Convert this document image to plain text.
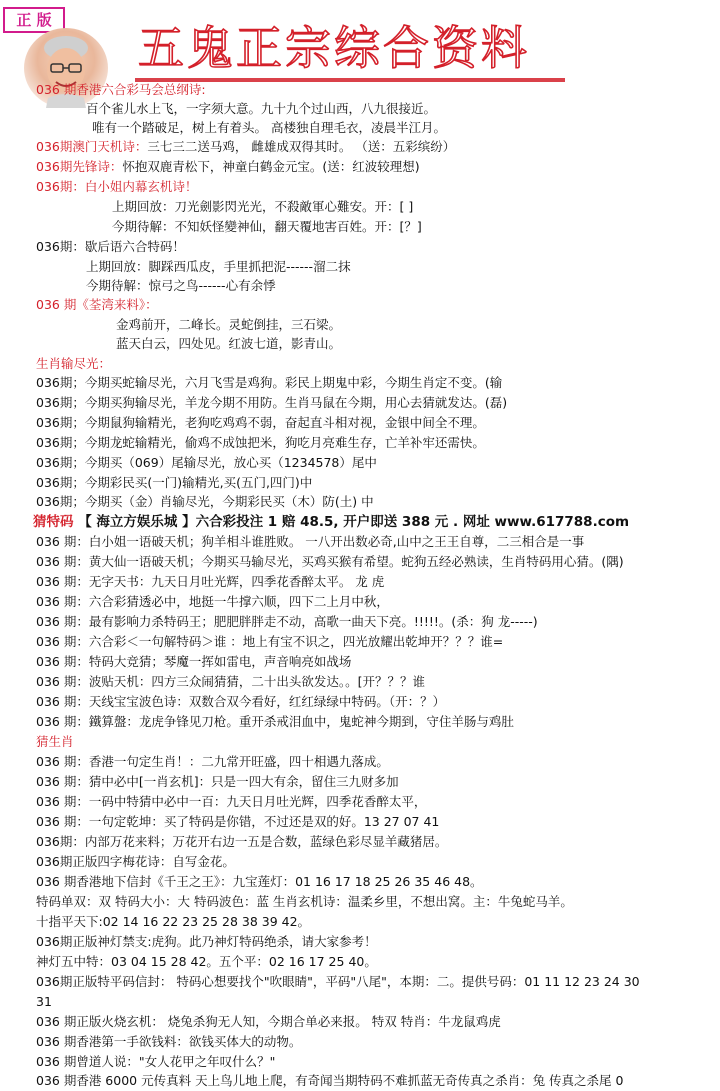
正 版
五鬼正宗综合资料
036 期香港六合彩马会总纲诗:
百个雀儿水上飞，一字须大意。九十九个过山西，八九很接近。
唯有一个踏破足，树上有着头。 高楼独自理毛衣，凌晨半江月。
036期澳门天机诗：三七三二送马鸡， 雌雄成双得其时。 （送：五彩缤纷）
036期先锋诗：怀抱双鹿青松下，神童白鹤金元宝。(送：红波较理想)
036期：白小姐内幕玄机诗！
上期回放：刀光劍影閃光光，不殺敵軍心難安。开：[ ]
今期待解：不知妖怪變神仙，翻天覆地害百姓。开：[？]
036期：歇后语六合特码！
上期回放：脚踩西瓜皮，手里抓把泥------溜二抹
今期待解：惊弓之鸟------心有余悸
036 期《荃湾来料》：
金鸡前开，二峰长。灵蛇倒挂，三石梁。
蓝天白云，四处见。红波七道，影青山。
生肖输尽光：
036期；今期买蛇输尽光，六月飞雪是鸡狗。彩民上期鬼中彩，今期生肖定不变。(输
036期；今期买狗输尽光，羊龙今期不用防。生肖马鼠在今期，用心去猜就发达。(磊)
036期；今期鼠狗输精光，老狗吃鸡鸡不弱，奋起直斗相对视，金银中间全不理。
036期；今期龙蛇输精光，偷鸡不成蚀把米，狗吃月亮难生存，亡羊补牢还需快。
036期；今期买（069）尾输尽光，放心买（1234578）尾中
036期；今期彩民买(一门)输精光,买(五门,四门)中
036期；今期买（金）肖输尽光，今期彩民买（木）防(土) 中
猜特码 【 海立方娱乐城 】六合彩投注 1 赔 48.5, 开户即送 388 元 . 网址 www.617788.com
036 期：白小姐一语破天机；狗羊相斗谁胜败。 一八开出数必奇,山中之王王自尊，二三相合是一事
036 期：黄大仙一语破天机；今期买马输尽光，买鸡买猴有希望。蛇狗五经必熟读，生肖特码用心猜。(隅)
036 期：无字天书：九天日月吐光辉，四季花香醉太平。 龙 虎
036 期：六合彩猜透必中，地挺一牛撑六顺，四下二上月中秋，
036 期：最有影响力杀特码王；肥肥胖胖走不动，高歌一曲天下亮。!!!!!。(杀：狗 龙-----)
036 期：六合彩＜一句解特码＞谁 ：地上有宝不识之，四光放耀出乾坤开？？？谁=
036 期：特码大竞猜；琴魔一挥如雷电，声音响亮如战场
036 期：波贴天机：四方三众闹猜猜，二十出头欲发达。。[开？？？谁
036 期：天线宝宝波色诗：双数合双今看好，红红绿绿中特码。（开：？）
036 期：鐵算盤：龙虎争锋见刀枪。重开杀戒泪血中，鬼蛇神今期到，守住羊肠与鸡肚
猜生肖
036 期：香港一句定生肖！：二九常开旺盛，四十相遇九落成。
036 期：猜中必中[一肖玄机]：只是一四大有余，留住三九财多加
036 期：一码中特猜中必中一百：九天日月吐光辉，四季花香醉太平，
036 期：一句定乾坤：买了特码是你错，不过还是双的好。13 27 07 41
036期：内部万花来料；万花开右边一五是合数，蓝绿色彩尽显羊藏猪居。
036期正版四字梅花诗：自写金花。
036 期香港地下信封《千王之王》：九宝莲灯：01 16 17 18 25 26 35 46 48。
特码单双：双 特码大小：大 特码波色：蓝 生肖玄机诗：温柔乡里，不想出窝。主：牛兔蛇马羊。
十指平天下:02 14 16 22 23 25 28 38 39 42。
036期正版神灯禁支:虎狗。此乃神灯特码绝杀，请大家参考！
神灯五中特：03 04 15 28 42。五个平：02 16 17 25 40。
036期正版特平码信封： 特码心想要找个"吹眼睛"，平码"八尾"，本期：二。提供号码：01 11 12 23 24 30
31
036 期正版火烧玄机： 烧兔杀狗无人知，今期合单必来报。 特双 特肖：牛龙鼠鸡虎
036 期香港第一手欲钱料：欲钱买体大的动物。
036 期曾道人说："女人花甲之年叹什么？"
036 期香港 6000 元传真料 天上鸟儿地上爬，有奇闻当期特码不难抓蓝无奇传真之杀肖：兔 传真之杀尾 0
